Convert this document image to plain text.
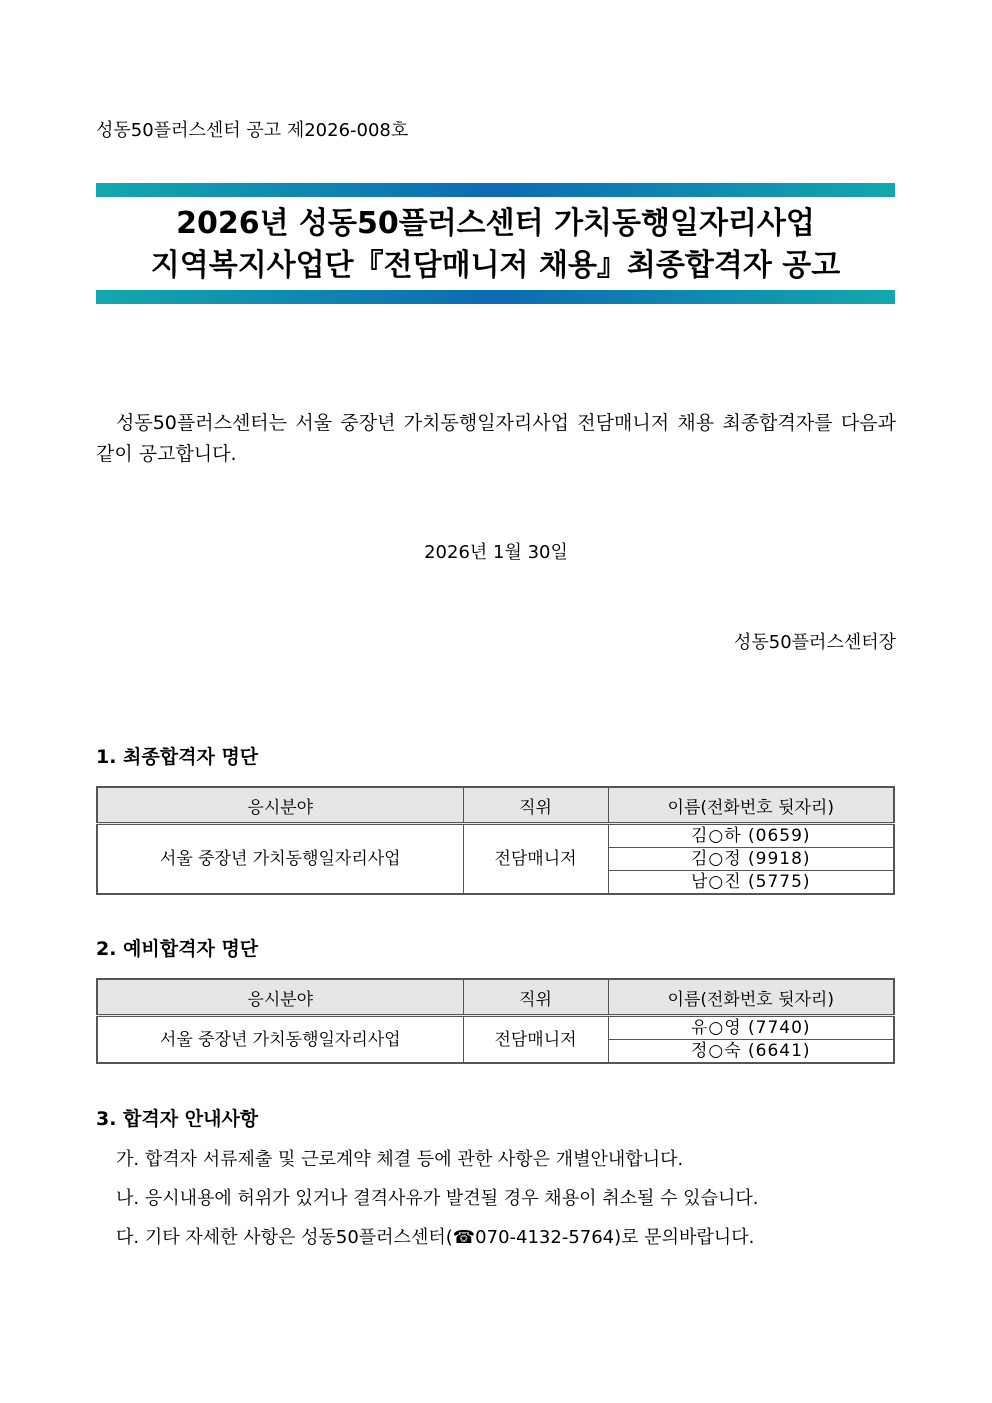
성동50플러스센터 공고 제2026-008호
2026년 성동50플러스센터 가치동행일자리사업
지역복지사업단『전담매니저 채용』최종합격자 공고
성동50플러스센터는 서울 중장년 가치동행일자리사업 전담매니저 채용 최종합격자를 다음과 같이 공고합니다.
2026년 1월 30일
성동50플러스센터장
1. 최종합격자 명단
응시분야	직위	이름(전화번호 뒷자리)
서울 중장년 가치동행일자리사업	전담매니저	김○하 (0659)
		김○정 (9918)
		남○진 (5775)
2. 예비합격자 명단
응시분야	직위	이름(전화번호 뒷자리)
서울 중장년 가치동행일자리사업	전담매니저	유○영 (7740)
		정○숙 (6641)
3. 합격자 안내사항
가. 합격자 서류제출 및 근로계약 체결 등에 관한 사항은 개별안내합니다.
나. 응시내용에 허위가 있거나 결격사유가 발견될 경우 채용이 취소될 수 있습니다.
다. 기타 자세한 사항은 성동50플러스센터(☎070-4132-5764)로 문의바랍니다.
